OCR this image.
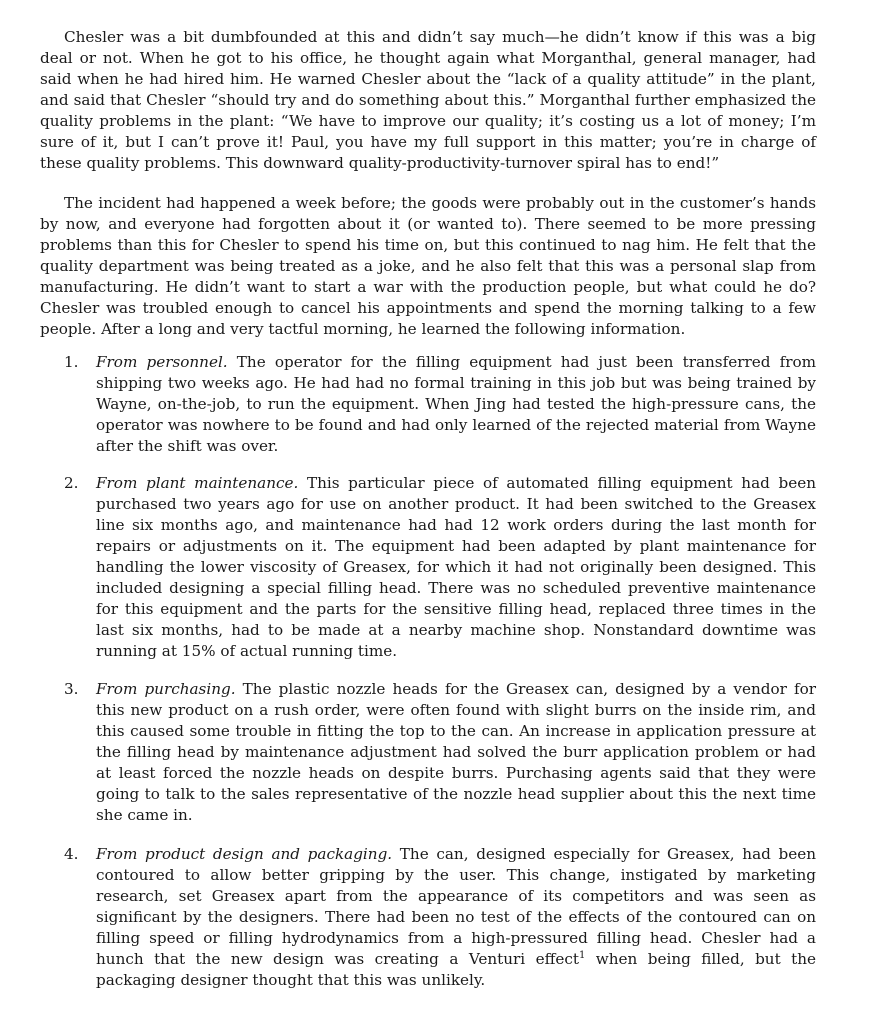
Chesler was a bit dumbfounded at this and didn’t say much—he didn’t know if this was a big deal or not. When he got to his office, he thought again what Morganthal, general manager, had said when he had hired him. He warned Chesler about the “lack of a quality attitude” in the plant, and said that Chesler “should try and do something about this.” Morganthal further emphasized the quality problems in the plant: “We have to improve our quality; it’s costing us a lot of money; I’m sure of it, but I can’t prove it! Paul, you have my full support in this matter; you’re in charge of these quality problems. This downward quality-productivity-turnover spiral has to end!”

The incident had happened a week before; the goods were probably out in the customer’s hands by now, and everyone had forgotten about it (or wanted to). There seemed to be more pressing problems than this for Chesler to spend his time on, but this continued to nag him. He felt that the quality department was being treated as a joke, and he also felt that this was a personal slap from manufacturing. He didn’t want to start a war with the production people, but what could he do? Chesler was troubled enough to cancel his appointments and spend the morning talking to a few people. After a long and very tactful morning, he learned the following information.

1.	From personnel. The operator for the filling equipment had just been transferred from shipping two weeks ago. He had had no formal training in this job but was being trained by Wayne, on-the-job, to run the equipment. When Jing had tested the high-pressure cans, the operator was nowhere to be found and had only learned of the rejected material from Wayne after the shift was over.
2.	From plant maintenance. This particular piece of automated filling equipment had been purchased two years ago for use on another product. It had been switched to the Greasex line six months ago, and maintenance had had 12 work orders during the last month for repairs or adjustments on it. The equipment had been adapted by plant maintenance for handling the lower viscosity of Greasex, for which it had not originally been designed. This included designing a special filling head. There was no scheduled preventive maintenance for this equipment and the parts for the sensitive filling head, replaced three times in the last six months, had to be made at a nearby machine shop. Nonstandard downtime was running at 15% of actual running time.
3.	From purchasing. The plastic nozzle heads for the Greasex can, designed by a vendor for this new product on a rush order, were often found with slight burrs on the inside rim, and this caused some trouble in fitting the top to the can. An increase in application pressure at the filling head by maintenance adjustment had solved the burr application problem or had at least forced the nozzle heads on despite burrs. Purchasing agents said that they were going to talk to the sales representative of the nozzle head supplier about this the next time she came in.
4.	From product design and packaging. The can, designed especially for Greasex, had been contoured to allow better gripping by the user. This change, instigated by marketing research, set Greasex apart from the appearance of its competitors and was seen as significant by the designers. There had been no test of the effects of the contoured can on filling speed or filling hydrodynamics from a high-pressured filling head. Chesler had a hunch that the new design was creating a Venturi effect$^1$ when being filled, but the packaging designer thought that this was unlikely.
